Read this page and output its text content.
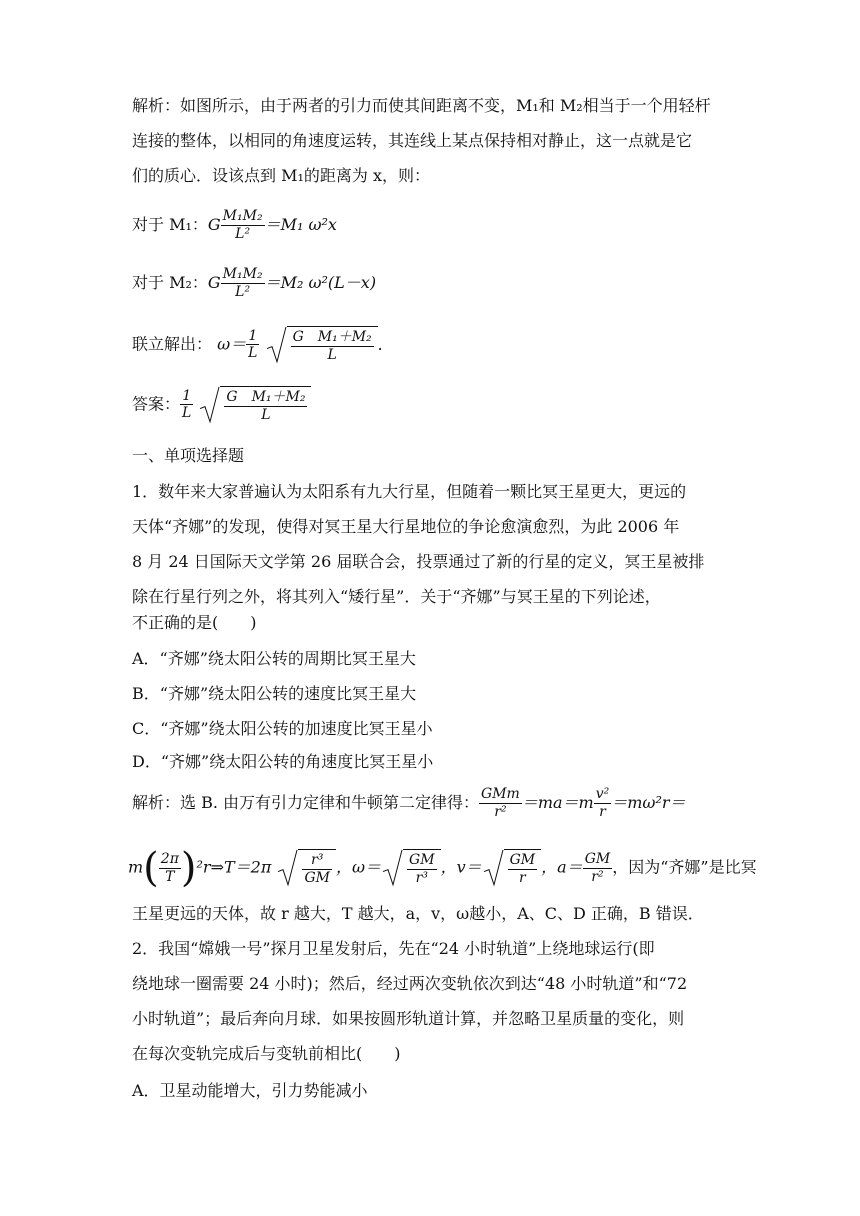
解析：如图所示，由于两者的引力而使其间距离不变，M₁和 M₂相当于一个用轻杆
连接的整体，以相同的角速度运转，其连线上某点保持相对静止，这一点就是它
们的质心．设该点到 M₁的距离为 x，则：
对于 M₁：G $\frac{\text{M₁M₂}}{\text{L²}} =M_1$ ω²x
对于 M₂：G $\frac{\text{M₁M₂}}{\text{L²}} =M_2$ ω²(L－x)
联立解出： $\omega= \frac{1}{L}$
$\frac{\text{G　M₁＋M₂}}{L}$ ．
答案： $\frac{1}{L}$
$\frac{\text{G　M₁＋M₂}}{L}$
一、单项选择题
1．数年来大家普遍认为太阳系有九大行星，但随着一颗比冥王星更大，更远的
天体“齐娜”的发现，使得对冥王星大行星地位的争论愈演愈烈，为此 2006 年
8 月 24 日国际天文学第 26 届联合会，投票通过了新的行星的定义，冥王星被排
除在行星行列之外，将其列入“矮行星”．关于“齐娜”与冥王星的下列论述，
不正确的是(　　)
A．“齐娜”绕太阳公转的周期比冥王星大
B．“齐娜”绕太阳公转的速度比冥王星大
C．“齐娜”绕太阳公转的加速度比冥王星小
D．“齐娜”绕太阳公转的角速度比冥王星小
解析：选 B. 由万有引力定律和牛顿第二定律得： $\frac{\text{GMm}}{\text{r²}} =ma=m \frac{\text{v²}}{r} =m\omega^2r=$
$m( \frac{2\pi}{T}$ )²r⇒T＝2π $\frac{\text{r³}}{GM}$ ，$\omega= \frac{GM}{\text{r³}}$ ，$v= \frac{GM}{r}$ ，$a= \frac{GM}{\text{r²}}$ ，因为“齐娜”是比冥
王星更远的天体，故 r 越大，T 越大，a，v，ω越小，A、C、D 正确，B 错误．
2．我国“嫦娥一号”探月卫星发射后，先在“24 小时轨道”上绕地球运行(即
绕地球一圈需要 24 小时)；然后，经过两次变轨依次到达“48 小时轨道”和“72
小时轨道”；最后奔向月球．如果按圆形轨道计算，并忽略卫星质量的变化，则
在每次变轨完成后与变轨前相比(　　)
A．卫星动能增大，引力势能减小
